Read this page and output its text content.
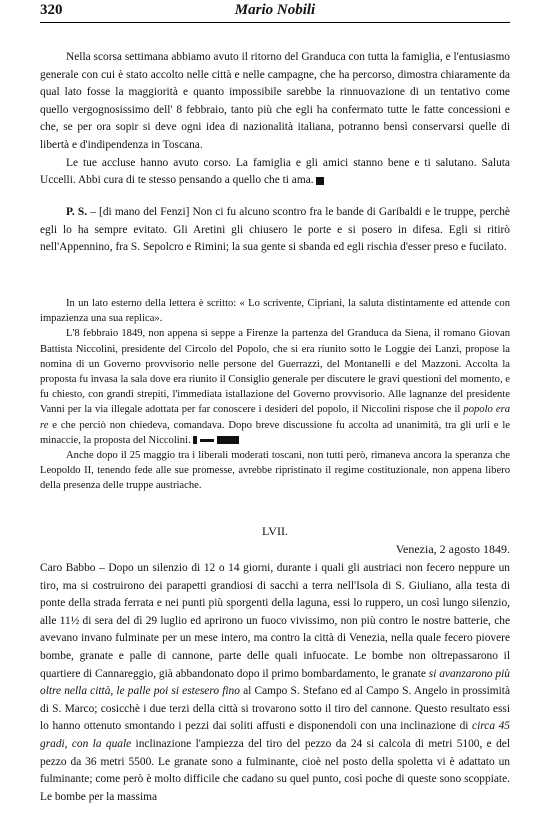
320	Mario Nobili

Nella scorsa settimana abbiamo avuto il ritorno del Granduca con tutta la famiglia, e l'entusiasmo generale con cui è stato accolto nelle città e nelle campagne, che ha percorso, dimostra chiaramente da qual lato fosse la maggiorità e quanto impossibile sarebbe la rinnuovazione di un tentativo come quello vergognosissimo dell' 8 febbraio, tanto più che egli ha confermato tutte le fatte concessioni e che, se per ora sopir si deve ogni idea di nazionalità italiana, potranno bensì conservarsi quelle di libertà e d'indipendenza in Toscana.

Le tue accluse hanno avuto corso. La famiglia e gli amici stanno bene e ti salutano. Saluta Uccelli. Abbi cura di te stesso pensando a quello che ti ama.

P. S. – [di mano del Fenzi] Non ci fu alcuno scontro fra le bande di Garibaldi e le truppe, perchè egli lo ha sempre evitato. Gli Aretini gli chiusero le porte e si posero in difesa. Egli si ritirò nell'Appennino, fra S. Sepolcro e Rimini; la sua gente si sbanda ed egli rischia d'esser preso e fucilato.

In un lato esterno della lettera è scritto: « Lo scrivente, Cipriani, la saluta distintamente ed attende con impazienza una sua replica».

L'8 febbraio 1849, non appena si seppe a Firenze la partenza del Granduca da Siena, il romano Giovan Battista Niccolini, presidente del Circolo del Popolo, che si era riunito sotto le Loggie dei Lanzi, propose la nomina di un Governo provvisorio nelle persone del Guerrazzi, del Montanelli e del Mazzoni. Accolta la proposta fu invasa la sala dove era riunito il Consiglio generale per discutere le gravi questioni del momento, e fu chiesto, con grandi strepiti, l'immediata istallazione del Governo provvisorio. Alle lagnanze del presidente Vanni per la via illegale adottata per far conoscere i desideri del popolo, il Niccolini rispose che il popolo era re e che perciò non chiedeva, comandava. Dopo breve discussione fu accolta ad unanimità, tra gli urli e le minaccie, la proposta del Niccolini.

Anche dopo il 25 maggio tra i liberali moderati toscani, non tutti però, rimaneva ancora la speranza che Leopoldo II, tenendo fede alle sue promesse, avrebbe ripristinato il regime costituzionale, non appena libero della presenza delle truppe austriache.

LVII.
Venezia, 2 agosto 1849.

Caro Babbo – Dopo un silenzio di 12 o 14 giorni, durante i quali gli austriaci non fecero neppure un tiro, ma si costruirono dei parapetti grandiosi di sacchi a terra nell'Isola di S. Giuliano, alla testa di ponte della strada ferrata e nei punti più sporgenti della laguna, essi lo ruppero, un così lungo silenzio, alle 11½ di sera del dì 29 luglio ed aprirono un fuoco vivissimo, non più contro le nostre batterie, che avevano invano fulminate per un mese intero, ma contro la città di Venezia, nella quale fecero piovere bombe, granate e palle di cannone, parte delle quali infuocate. Le bombe non oltrepassarono il quartiere di Cannareggio, già abbandonato dopo il primo bombardamento, le granate si avanzarono più oltre nella città, le palle poi si estesero fino al Campo S. Stefano ed al Campo S. Angelo in prossimità di S. Marco; cosicchè i due terzi della città si trovarono sotto il tiro del cannone. Questo resultato essi lo hanno ottenuto smontando i pezzi dai soliti affusti e disponendoli con una inclinazione di circa 45 gradi, con la quale inclinazione l'ampiezza del tiro del pezzo da 24 si calcola di metri 5100, e del pezzo da 36 metri 5500. Le granate sono a fulminante, cioè nel posto della spoletta vi è adattato un fulminante; come però è molto difficile che cadano su quel punto, così poche di queste sono scoppiate. Le bombe per la massima
